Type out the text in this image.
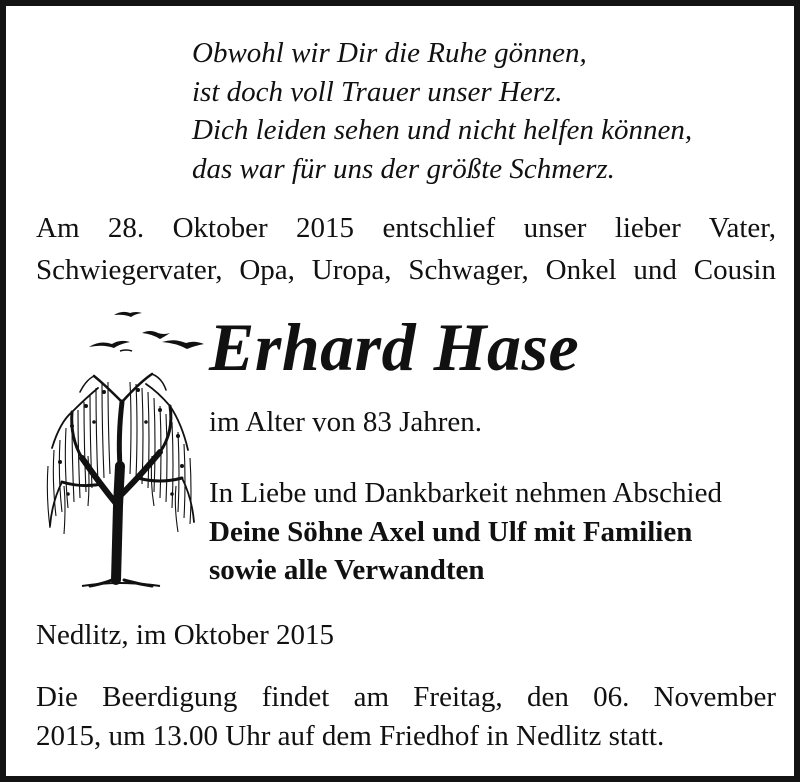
Obwohl wir Dir die Ruhe gönnen,
ist doch voll Trauer unser Herz.
Dich leiden sehen und nicht helfen können,
das war für uns der größte Schmerz.
Am 28. Oktober 2015 entschlief unser lieber Vater,
Schwiegervater, Opa, Uropa, Schwager, Onkel und Cousin
Erhard Hase
im Alter von 83 Jahren.
In Liebe und Dankbarkeit nehmen Abschied
Deine Söhne Axel und Ulf mit Familien
sowie alle Verwandten
Nedlitz, im Oktober 2015
Die Beerdigung findet am Freitag, den 06. November
2015, um 13.00 Uhr auf dem Friedhof in Nedlitz statt.
